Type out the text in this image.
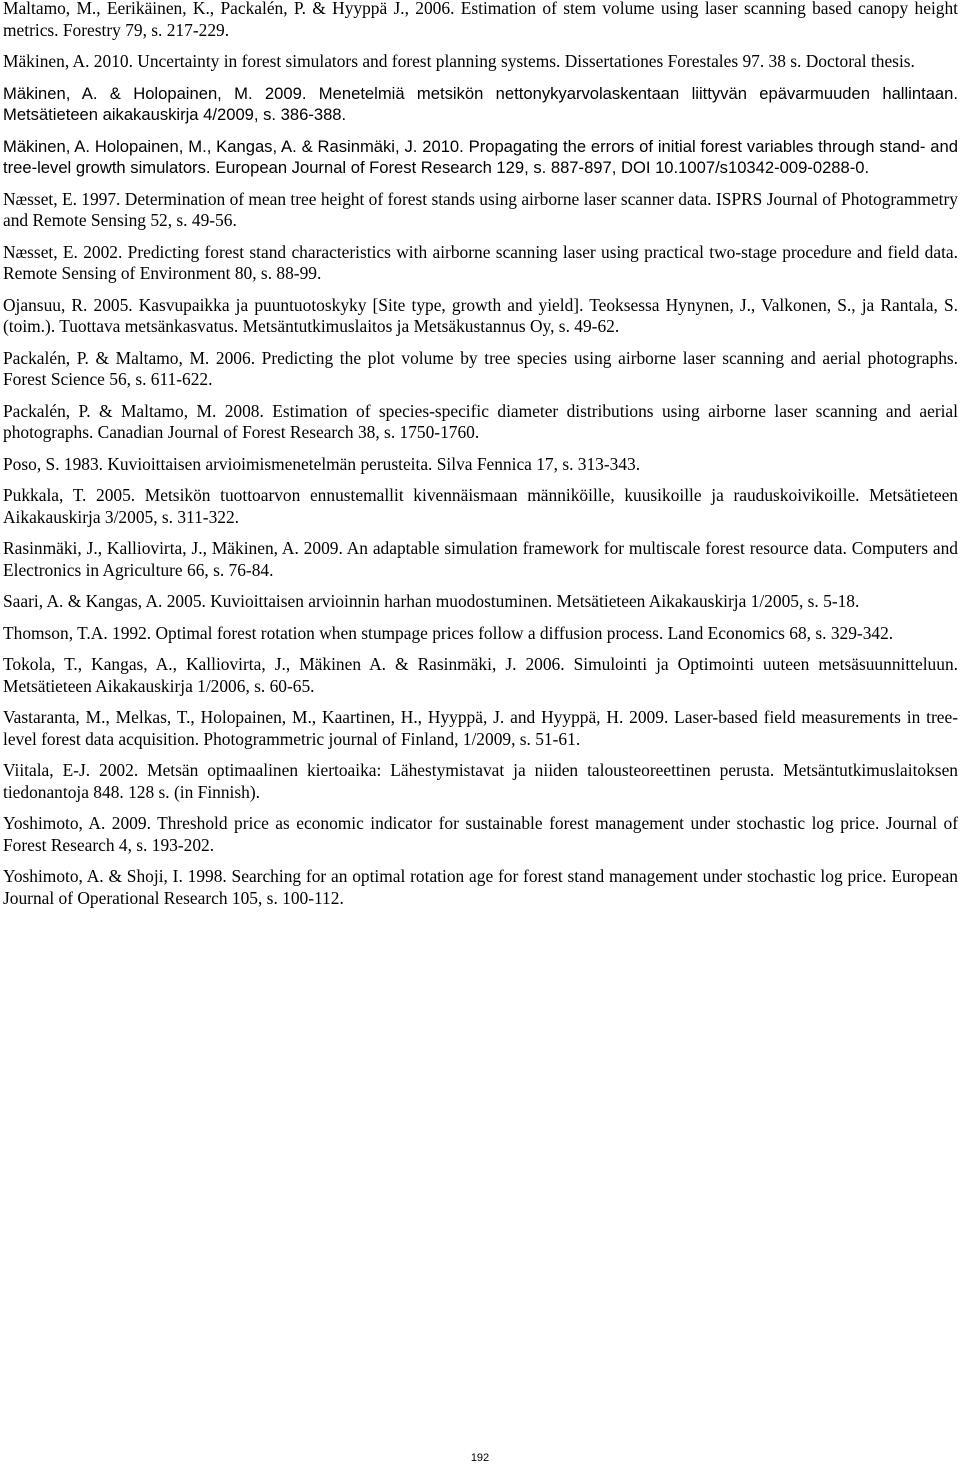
Maltamo, M., Eerikäinen, K., Packalén, P. & Hyyppä J., 2006. Estimation of stem volume using laser scanning based canopy height metrics. Forestry 79, s. 217-229.

Mäkinen, A. 2010. Uncertainty in forest simulators and forest planning systems. Dissertationes Forestales 97. 38 s. Doctoral thesis.

Mäkinen, A. & Holopainen, M. 2009. Menetelmiä metsikön nettonykyarvolaskentaan liittyvän epävarmuuden hallintaan. Metsätieteen aikakauskirja 4/2009, s. 386-388.

Mäkinen, A. Holopainen, M., Kangas, A. & Rasinmäki, J. 2010. Propagating the errors of initial forest variables through stand- and tree-level growth simulators. European Journal of Forest Research 129, s. 887-897, DOI 10.1007/s10342-009-0288-0.

Næsset, E. 1997. Determination of mean tree height of forest stands using airborne laser scanner data. ISPRS Journal of Photogrammetry and Remote Sensing 52, s. 49-56.

Næsset, E. 2002. Predicting forest stand characteristics with airborne scanning laser using practical two-stage procedure and field data. Remote Sensing of Environment 80, s. 88-99.

Ojansuu, R. 2005. Kasvupaikka ja puuntuotoskyky [Site type, growth and yield]. Teoksessa Hynynen, J., Valkonen, S., ja Rantala, S. (toim.). Tuottava metsänkasvatus. Metsäntutkimuslaitos ja Metsäkustannus Oy, s. 49-62.

Packalén, P. & Maltamo, M. 2006. Predicting the plot volume by tree species using airborne laser scanning and aerial photographs. Forest Science 56, s. 611-622.

Packalén, P. & Maltamo, M. 2008. Estimation of species-specific diameter distributions using airborne laser scanning and aerial photographs. Canadian Journal of Forest Research 38, s. 1750-1760.

Poso, S. 1983. Kuvioittaisen arvioimismenetelmän perusteita. Silva Fennica 17, s. 313-343.

Pukkala, T. 2005. Metsikön tuottoarvon ennustemallit kivennäismaan männiköille, kuusikoille ja rauduskoivikoille. Metsätieteen Aikakauskirja 3/2005, s. 311-322.

Rasinmäki, J., Kalliovirta, J., Mäkinen, A. 2009. An adaptable simulation framework for multiscale forest resource data. Computers and Electronics in Agriculture 66, s. 76-84.

Saari, A. & Kangas, A. 2005. Kuvioittaisen arvioinnin harhan muodostuminen. Metsätieteen Aikakauskirja 1/2005, s. 5-18.

Thomson, T.A. 1992. Optimal forest rotation when stumpage prices follow a diffusion process. Land Economics 68, s. 329-342.

Tokola, T., Kangas, A., Kalliovirta, J., Mäkinen A. & Rasinmäki, J. 2006. Simulointi ja Optimointi uuteen metsäsuunnitteluun. Metsätieteen Aikakauskirja 1/2006, s. 60-65.

Vastaranta, M., Melkas, T., Holopainen, M., Kaartinen, H., Hyyppä, J. and Hyyppä, H. 2009. Laser-based field measurements in tree-level forest data acquisition. Photogrammetric journal of Finland, 1/2009, s. 51-61.

Viitala, E-J. 2002. Metsän optimaalinen kiertoaika: Lähestymistavat ja niiden talousteoreettinen perusta. Metsäntutkimuslaitoksen tiedonantoja 848. 128 s. (in Finnish).

Yoshimoto, A. 2009. Threshold price as economic indicator for sustainable forest management under stochastic log price. Journal of Forest Research 4, s. 193-202.

Yoshimoto, A. & Shoji, I. 1998. Searching for an optimal rotation age for forest stand management under stochastic log price. European Journal of Operational Research 105, s. 100-112.

192
